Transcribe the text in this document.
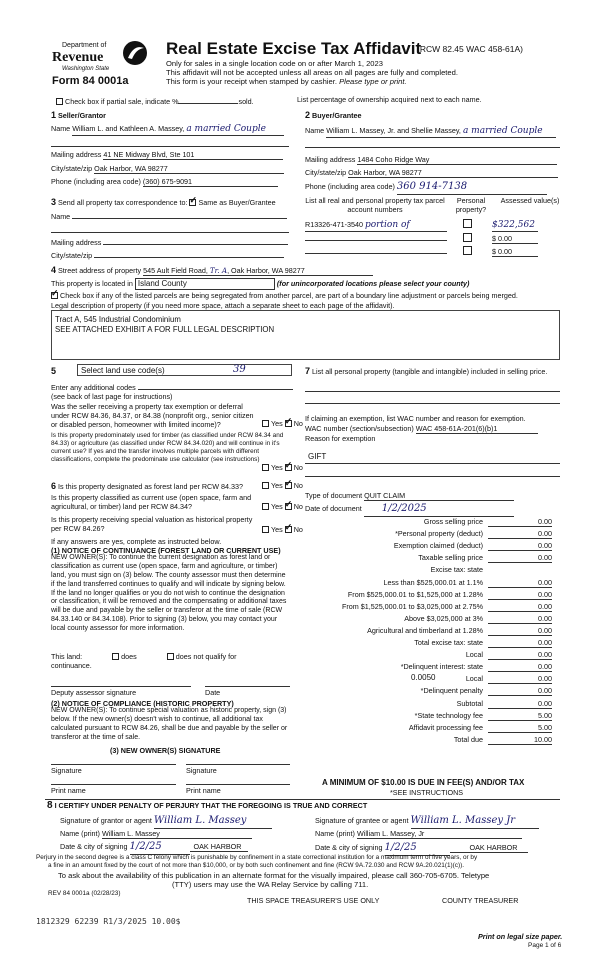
Department of
Revenue
Washington State
Form 84 0001a
Real Estate Excise Tax Affidavit
(RCW 82.45 WAC 458-61A)
Only for sales in a single location code on or after March 1, 2023
This affidavit will not be accepted unless all areas on all pages are fully and completed.
This form is your receipt when stamped by cashier. Please type or print.
Check box if partial sale, indicate %	sold.	List percentage of ownership acquired next to each name.
1 Seller/Grantor
Name William L. and Kathleen A. Massey, a married Couple
Mailing address 41 NE Midway Blvd, Ste 101
City/state/zip Oak Harbor, WA 98277
Phone (including area code) (360) 675-9091
2 Buyer/Grantee
Name William L. Massey, Jr. and Shellie Massey, a married Couple
Mailing address 1484 Coho Ridge Way
City/state/zip Oak Harbor, WA 98277
Phone (including area code) 360 914-7138
3 Send all property tax correspondence to: ✓ Same as Buyer/Grantee
Name
Mailing address
City/state/zip
List all real and personal property tax parcel account numbers
Personal property?
Assessed value(s)
R13326-471-3540 portion of	$322,562
$ 0.00
$ 0.00
4 Street address of property 545 Ault Field Road, Tr. A, Oak Harbor, WA 98277
This property is located in Island County	(for unincorporated locations please select your county)
✓Check box if any of the listed parcels are being segregated from another parcel, are part of a boundary line adjustment or parcels being merged.
Legal description of property (if you need more space, attach a separate sheet to each page of the affidavit).
Tract A, 545 Industrial Condominium
SEE ATTACHED EXHIBIT A FOR FULL LEGAL DESCRIPTION
5	Select land use code(s)	39
Enter any additional codes
(see back of last page for instructions)
Was the seller receiving a property tax exemption or deferral under RCW 84.36, 84.37, or 84.38 (nonprofit org., senior citizen or disabled person, homeowner with limited income)?	Yes ✓ No
Is this property predominately used for timber (as classified under RCW 84.34 and 84.33) or agriculture (as classified under RCW 84.34.020) and will continue in it's current use? If yes and the transfer involves multiple parcels with different classifications, complete the predominate use calculator (see instructions)
Yes ✓ No
6 Is this property designated as forest land per RCW 84.33?	Yes ✓ No
Is this property classified as current use (open space, farm and agricultural, or timber) land per RCW 84.34?	Yes ✓ No
Is this property receiving special valuation as historical property per RCW 84.26?	Yes ✓ No
If any answers are yes, complete as instructed below.
(1) NOTICE OF CONTINUANCE (FOREST LAND OR CURRENT USE)
NEW OWNER(S): To continue the current designation as forest land or classification as current use (open space, farm and agriculture, or timber) land, you must sign on (3) below. The county assessor must then determine if the land transferred continues to qualify and will indicate by signing below. If the land no longer qualifies or you do not wish to continue the designation or classification, it will be removed and the compensating or additional taxes will be due and payable by the seller or transferor at the time of sale (RCW 84.33.140 or 84.34.108). Prior to signing (3) below, you may contact your local county assessor for more information.
This land:	does	does not qualify for
continuance.
Deputy assessor signature	Date
(2) NOTICE OF COMPLIANCE (HISTORIC PROPERTY)
NEW OWNER(S): To continue special valuation as historic property, sign (3) below. If the new owner(s) doesn't wish to continue, all additional tax calculated pursuant to RCW 84.26, shall be due and payable by the seller or transferor at the time of sale.
(3) NEW OWNER(S) SIGNATURE
Signature	Signature
Print name	Print name
7 List all personal property (tangible and intangible) included in selling price.
If claiming an exemption, list WAC number and reason for exemption.
WAC number (section/subsection) WAC 458-61A-201(6)(b)1
Reason for exemption
GIFT
Type of document QUIT CLAIM
Date of document 1/2/2025
Gross selling price	0.00
*Personal property (deduct)	0.00
Exemption claimed (deduct)	0.00
Taxable selling price	0.00
Excise tax: state
Less than $525,000.01 at 1.1%	0.00
From $525,000.01 to $1,525,000 at 1.28%	0.00
From $1,525,000.01 to $3,025,000 at 2.75%	0.00
Above $3,025,000 at 3%	0.00
Agricultural and timberland at 1.28%	0.00
Total excise tax: state	0.00
Local	0.00
*Delinquent interest: state	0.00
Local	0.00
*Delinquent penalty	0.00
Subtotal	0.00
*State technology fee	5.00
Affidavit processing fee	5.00
Total due	10.00
0.0050
A MINIMUM OF $10.00 IS DUE IN FEE(S) AND/OR TAX
*SEE INSTRUCTIONS
8 I CERTIFY UNDER PENALTY OF PERJURY THAT THE FOREGOING IS TRUE AND CORRECT
Signature of grantor or agent William L. Massey
Name (print) William L. Massey
Date & city of signing 1/2/25	OAK HARBOR
Signature of grantee or agent William L. Massey Jr
Name (print) William L. Massey, Jr
Date & city of signing 1/2/25	OAK HARBOR
Perjury in the second degree is a class C felony which is punishable by confinement in a state correctional institution for a maximum term of five years, or by
a fine in an amount fixed by the court of not more than $10,000, or by both such confinement and fine (RCW 9A.72.030 and RCW 9A.20.021(1)(c)).
To ask about the availability of this publication in an alternate format for the visually impaired, please call 360-705-6705. Teletype
(TTY) users may use the WA Relay Service by calling 711.
REV 84 0001a (02/28/23)
THIS SPACE TREASURER'S USE ONLY	COUNTY TREASURER
1812329 62239 R1/3/2025 10.00$
Print on legal size paper.
Page 1 of 6
